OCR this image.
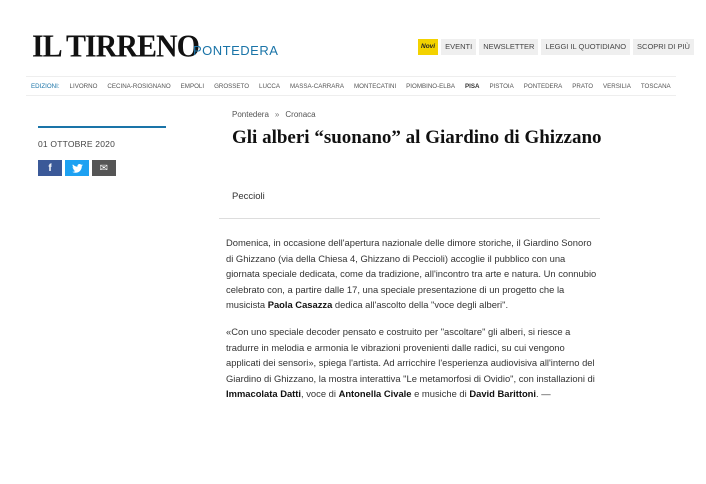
IL TIRRENO
PONTEDERA	Novi	EVENTI	NEWSLETTER	LEGGI IL QUOTIDIANO	SCOPRI DI PIÙ
EDIZIONI:	LIVORNO	CECINA-ROSIGNANO	EMPOLI	GROSSETO	LUCCA	MASSA-CARRARA	MONTECATINI	PIOMBINO-ELBA	PISA	PISTOIA	PONTEDERA	PRATO	VERSILIA	TOSCANA
01 OTTOBRE 2020
f	✉
Pontedera » Cronaca
Gli alberi “suonano” al Giardino di Ghizzano
Peccioli

Domenica, in occasione dell'apertura nazionale delle dimore storiche, il Giardino Sonoro di Ghizzano (via della Chiesa 4, Ghizzano di Peccioli) accoglie il pubblico con una giornata speciale dedicata, come da tradizione, all'incontro tra arte e natura. Un connubio celebrato con, a partire dalle 17, una speciale presentazione di un progetto che la musicista Paola Casazza dedica all'ascolto della "voce degli alberi".

«Con uno speciale decoder pensato e costruito per "ascoltare" gli alberi, si riesce a tradurre in melodia e armonia le vibrazioni provenienti dalle radici, su cui vengono applicati dei sensori», spiega l'artista. Ad arricchire l'esperienza audiovisiva all'interno del Giardino di Ghizzano, la mostra interattiva "Le metamorfosi di Ovidio", con installazioni di Immacolata Datti, voce di Antonella Civale e musiche di David Barittoni. —
